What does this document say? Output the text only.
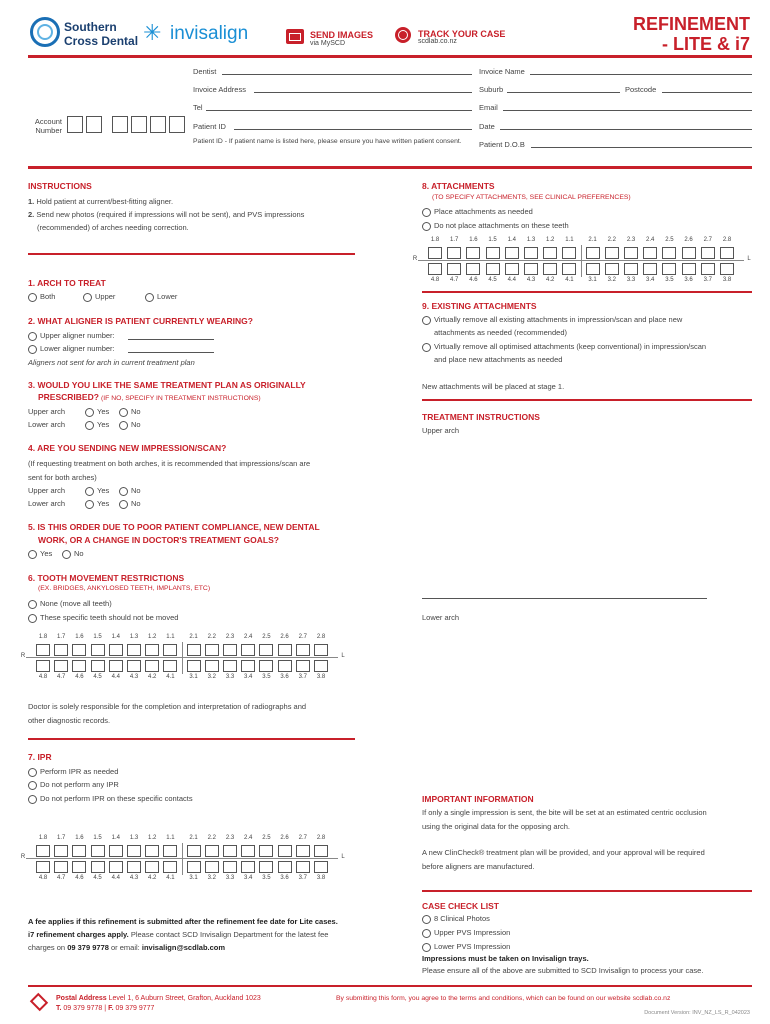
Southern
Cross Dental ✳ invisalign	SEND IMAGES
via MySCD
TRACK YOUR CASE
scdlab.co.nz
REFINEMENT
- LITE & i7
Dentist	Invoice Name
Invoice Address	Suburb	Postcode
Tel	Email
Account
Number	Patient ID	Date
Patient ID - If patient name is listed here, please ensure you have written patient consent.	Patient D.O.B
INSTRUCTIONS
1. Hold patient at current/best-fitting aligner.
2. Send new photos (required if impressions will not be sent), and PVS impressions
(recommended) of arches needing correction.
1. ARCH TO TREAT
Both	Upper	Lower
2. WHAT ALIGNER IS PATIENT CURRENTLY WEARING?
Upper aligner number:
Lower aligner number:
Aligners not sent for arch in current treatment plan
3. WOULD YOU LIKE THE SAME TREATMENT PLAN AS ORIGINALLY
PRESCRIBED? (IF NO, SPECIFY IN TREATMENT INSTRUCTIONS)
Upper arch	Yes	No
Lower arch	Yes	No
4. ARE YOU SENDING NEW IMPRESSION/SCAN?
(If requesting treatment on both arches, it is recommended that impressions/scan are
sent for both arches)
Upper arch	Yes	No
Lower arch	Yes	No
5. IS THIS ORDER DUE TO POOR PATIENT COMPLIANCE, NEW DENTAL
WORK, OR A CHANGE IN DOCTOR'S TREATMENT GOALS?
Yes	No
6. TOOTH MOVEMENT RESTRICTIONS
(EX. BRIDGES, ANKYLOSED TEETH, IMPLANTS, ETC)
None (move all teeth)
These specific teeth should not be moved
1.8	1.7	1.6	1.5	1.4	1.3	1.2	1.1	2.1	2.2	2.3	2.4	2.5	2.6	2.7	2.8
4.8	4.7	4.6	4.5	4.4	4.3	4.2	4.1	3.1	3.2	3.3	3.4	3.5	3.6	3.7	3.8
R	L
Doctor is solely responsible for the completion and interpretation of radiographs and
other diagnostic records.
7. IPR
Perform IPR as needed
Do not perform any IPR
Do not perform IPR on these specific contacts
1.8	1.7	1.6	1.5	1.4	1.3	1.2	1.1	2.1	2.2	2.3	2.4	2.5	2.6	2.7	2.8
4.8	4.7	4.6	4.5	4.4	4.3	4.2	4.1	3.1	3.2	3.3	3.4	3.5	3.6	3.7	3.8
R	L
A fee applies if this refinement is submitted after the refinement fee date for Lite cases.
i7 refinement charges apply. Please contact SCD Invisalign Department for the latest fee
charges on 09 379 9778 or email: invisalign@scdlab.com
8. ATTACHMENTS
(TO SPECIFY ATTACHMENTS, SEE CLINICAL PREFERENCES)
Place attachments as needed
Do not place attachments on these teeth
1.8	1.7	1.6	1.5	1.4	1.3	1.2	1.1	2.1	2.2	2.3	2.4	2.5	2.6	2.7	2.8
4.8	4.7	4.6	4.5	4.4	4.3	4.2	4.1	3.1	3.2	3.3	3.4	3.5	3.6	3.7	3.8
R	L
9. EXISTING ATTACHMENTS
Virtually remove all existing attachments in impression/scan and place new
attachments as needed (recommended)
Virtually remove all optimised attachments (keep conventional) in impression/scan
and place new attachments as needed
New attachments will be placed at stage 1.
TREATMENT INSTRUCTIONS
Upper arch
Lower arch
IMPORTANT INFORMATION
If only a single impression is sent, the bite will be set at an estimated centric occlusion
using the original data for the opposing arch.
A new ClinCheck® treatment plan will be provided, and your approval will be required
before aligners are manufactured.
CASE CHECK LIST
8 Clinical Photos
Upper PVS Impression
Lower PVS Impression
Impressions must be taken on Invisalign trays.
Please ensure all of the above are submitted to SCD Invisalign to process your case.
Postal Address Level 1, 6 Auburn Street, Grafton, Auckland 1023
T. 09 379 9778 | F. 09 379 9777
By submitting this form, you agree to the terms and conditions, which can be found on our website scdlab.co.nz
Document Version: INV_NZ_LS_R_042023
